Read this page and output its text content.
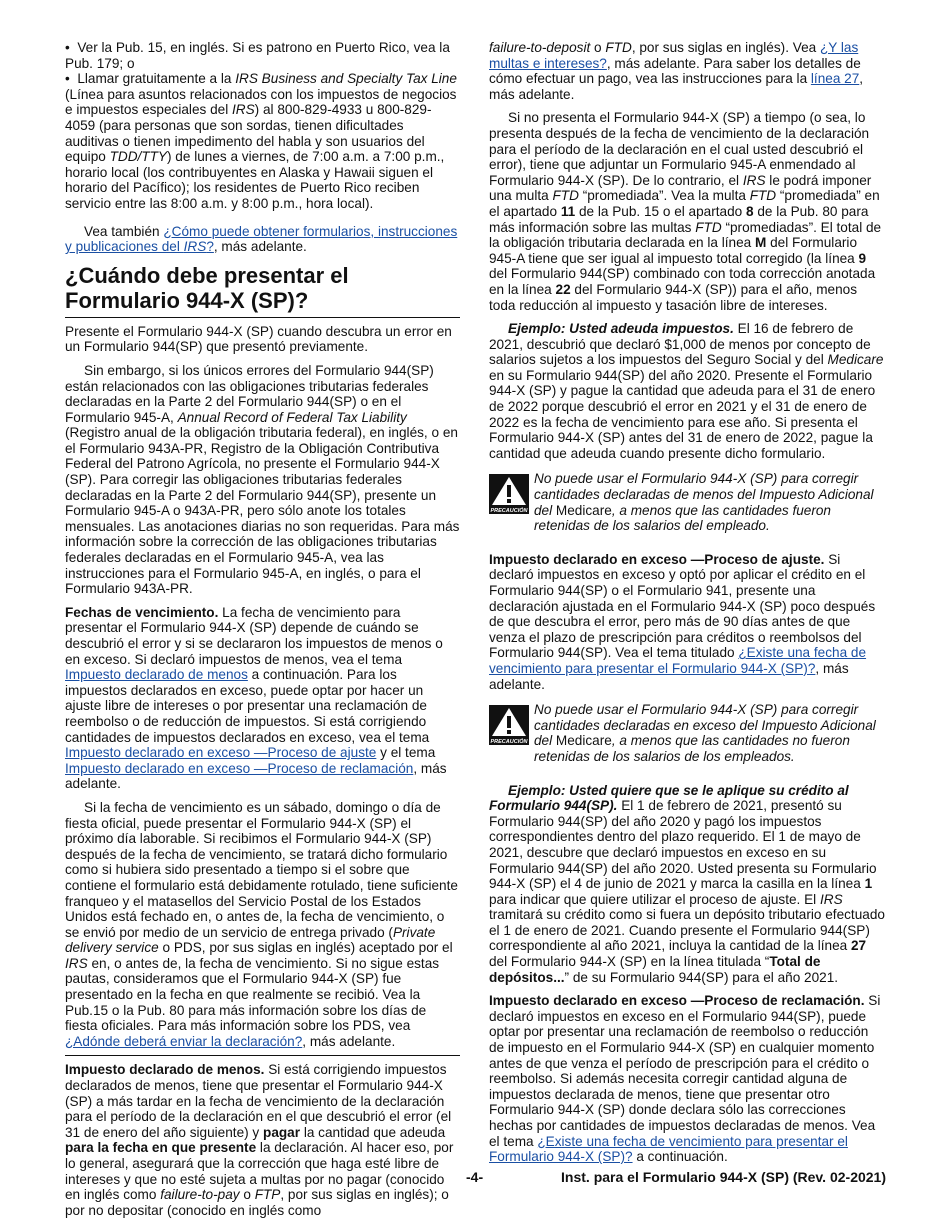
•  Ver la Pub. 15, en inglés. Si es patrono en Puerto Rico, vea la Pub. 179; o

•  Llamar gratuitamente a la IRS Business and Specialty Tax Line (Línea para asuntos relacionados con los impuestos de negocios e impuestos especiales del IRS) al 800-829-4933 u 800-829-4059 (para personas que son sordas, tienen dificultades auditivas o tienen impedimento del habla y son usuarios del equipo TDD/TTY) de lunes a viernes, de 7:00 a.m. a 7:00 p.m., horario local (los contribuyentes en Alaska y Hawaii siguen el horario del Pacífico); los residentes de Puerto Rico reciben servicio entre las 8:00 a.m. y 8:00 p.m., hora local).

Vea también ¿Cómo puede obtener formularios, instrucciones y publicaciones del IRS?, más adelante.

¿Cuándo debe presentar el Formulario 944-X (SP)?

Presente el Formulario 944-X (SP) cuando descubra un error en un Formulario 944(SP) que presentó previamente.

Sin embargo, si los únicos errores del Formulario 944(SP) están relacionados con las obligaciones tributarias federales declaradas en la Parte 2 del Formulario 944(SP) o en el Formulario 945-A, Annual Record of Federal Tax Liability (Registro anual de la obligación tributaria federal), en inglés, o en el Formulario 943A-PR, Registro de la Obligación Contributiva Federal del Patrono Agrícola, no presente el Formulario 944-X (SP). Para corregir las obligaciones tributarias federales declaradas en la Parte 2 del Formulario 944(SP), presente un Formulario 945-A o 943A-PR, pero sólo anote los totales mensuales. Las anotaciones diarias no son requeridas. Para más información sobre la corrección de las obligaciones tributarias federales declaradas en el Formulario 945-A, vea las instrucciones para el Formulario 945-A, en inglés, o para el Formulario 943A-PR.

Fechas de vencimiento. La fecha de vencimiento para presentar el Formulario 944-X (SP) depende de cuándo se descubrió el error y si se declararon los impuestos de menos o en exceso. Si declaró impuestos de menos, vea el tema Impuesto declarado de menos a continuación. Para los impuestos declarados en exceso, puede optar por hacer un ajuste libre de intereses o por presentar una reclamación de reembolso o de reducción de impuestos. Si está corrigiendo cantidades de impuestos declarados en exceso, vea el tema Impuesto declarado en exceso —Proceso de ajuste y el tema Impuesto declarado en exceso —Proceso de reclamación, más adelante.

Si la fecha de vencimiento es un sábado, domingo o día de fiesta oficial, puede presentar el Formulario 944-X (SP) el próximo día laborable. Si recibimos el Formulario 944-X (SP) después de la fecha de vencimiento, se tratará dicho formulario como si hubiera sido presentado a tiempo si el sobre que contiene el formulario está debidamente rotulado, tiene suficiente franqueo y el matasellos del Servicio Postal de los Estados Unidos está fechado en, o antes de, la fecha de vencimiento, o se envió por medio de un servicio de entrega privado (Private delivery service o PDS, por sus siglas en inglés) aceptado por el IRS en, o antes de, la fecha de vencimiento. Si no sigue estas pautas, consideramos que el Formulario 944-X (SP) fue presentado en la fecha en que realmente se recibió. Vea la Pub.15 o la Pub. 80 para más información sobre los días de fiesta oficiales. Para más información sobre los PDS, vea ¿Adónde deberá enviar la declaración?, más adelante.

Impuesto declarado de menos. Si está corrigiendo impuestos declarados de menos, tiene que presentar el Formulario 944-X (SP) a más tardar en la fecha de vencimiento de la declaración para el período de la declaración en el que descubrió el error (el 31 de enero del año siguiente) y pagar la cantidad que adeuda para la fecha en que presente la declaración. Al hacer eso, por lo general, asegurará que la corrección que haga esté libre de intereses y que no esté sujeta a multas por no pagar (conocido en inglés como failure-to-pay o FTP, por sus siglas en inglés); o por no depositar (conocido en inglés como

failure-to-deposit o FTD, por sus siglas en inglés). Vea ¿Y las multas e intereses?, más adelante. Para saber los detalles de cómo efectuar un pago, vea las instrucciones para la línea 27, más adelante.

Si no presenta el Formulario 944-X (SP) a tiempo (o sea, lo presenta después de la fecha de vencimiento de la declaración para el período de la declaración en el cual usted descubrió el error), tiene que adjuntar un Formulario 945-A enmendado al Formulario 944-X (SP). De lo contrario, el IRS le podrá imponer una multa FTD “promediada”. Vea la multa FTD “promediada” en el apartado 11 de la Pub. 15 o el apartado 8 de la Pub. 80 para más información sobre las multas FTD “promediadas”. El total de la obligación tributaria declarada en la línea M del Formulario 945-A tiene que ser igual al impuesto total corregido (la línea 9 del Formulario 944(SP) combinado con toda corrección anotada en la línea 22 del Formulario 944-X (SP)) para el año, menos toda reducción al impuesto y tasación libre de intereses.

Ejemplo: Usted adeuda impuestos. El 16 de febrero de 2021, descubrió que declaró $1,000 de menos por concepto de salarios sujetos a los impuestos del Seguro Social y del Medicare en su Formulario 944(SP) del año 2020. Presente el Formulario 944-X (SP) y pague la cantidad que adeuda para el 31 de enero de 2022 porque descubrió el error en 2021 y el 31 de enero de 2022 es la fecha de vencimiento para ese año. Si presenta el Formulario 944-X (SP) antes del 31 de enero de 2022, pague la cantidad que adeuda cuando presente dicho formulario.

PRECAUCIÓN
No puede usar el Formulario 944-X (SP) para corregir cantidades declaradas de menos del Impuesto Adicional del Medicare, a menos que las cantidades fueron retenidas de los salarios del empleado.

Impuesto declarado en exceso —Proceso de ajuste. Si declaró impuestos en exceso y optó por aplicar el crédito en el Formulario 944(SP) o el Formulario 941, presente una declaración ajustada en el Formulario 944-X (SP) poco después de que descubra el error, pero más de 90 días antes de que venza el plazo de prescripción para créditos o reembolsos del Formulario 944(SP). Vea el tema titulado ¿Existe una fecha de vencimiento para presentar el Formulario 944-X (SP)?, más adelante.

PRECAUCIÓN
No puede usar el Formulario 944-X (SP) para corregir cantidades declaradas en exceso del Impuesto Adicional del Medicare, a menos que las cantidades no fueron retenidas de los salarios de los empleados.

Ejemplo: Usted quiere que se le aplique su crédito al Formulario 944(SP). El 1 de febrero de 2021, presentó su Formulario 944(SP) del año 2020 y pagó los impuestos correspondientes dentro del plazo requerido. El 1 de mayo de 2021, descubre que declaró impuestos en exceso en su Formulario 944(SP) del año 2020. Usted presenta su Formulario 944-X (SP) el 4 de junio de 2021 y marca la casilla en la línea 1 para indicar que quiere utilizar el proceso de ajuste. El IRS tramitará su crédito como si fuera un depósito tributario efectuado el 1 de enero de 2021. Cuando presente el Formulario 944(SP) correspondiente al año 2021, incluya la cantidad de la línea 27 del Formulario 944-X (SP) en la línea titulada “Total de depósitos...” de su Formulario 944(SP) para el año 2021.

Impuesto declarado en exceso —Proceso de reclamación. Si declaró impuestos en exceso en el Formulario 944(SP), puede optar por presentar una reclamación de reembolso o reducción de impuesto en el Formulario 944-X (SP) en cualquier momento antes de que venza el período de prescripción para el crédito o reembolso. Si además necesita corregir cantidad alguna de impuestos declarada de menos, tiene que presentar otro Formulario 944-X (SP) donde declara sólo las correcciones hechas por cantidades de impuestos declaradas de menos. Vea el tema ¿Existe una fecha de vencimiento para presentar el Formulario 944-X (SP)? a continuación.

-4-	Inst. para el Formulario 944-X (SP) (Rev. 02-2021)
